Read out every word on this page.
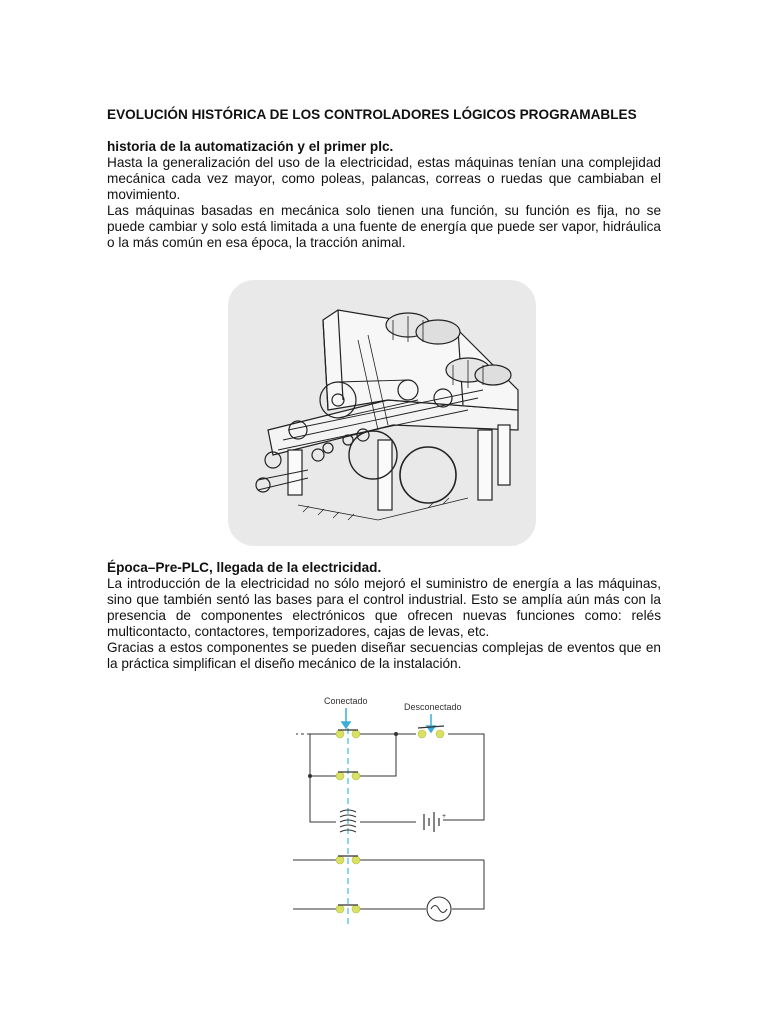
EVOLUCIÓN HISTÓRICA DE LOS CONTROLADORES LÓGICOS PROGRAMABLES

historia de la automatización y el primer plc.

Hasta la generalización del uso de la electricidad, estas máquinas tenían una complejidad mecánica cada vez mayor, como poleas, palancas, correas o ruedas que cambiaban el movimiento.

Las máquinas basadas en mecánica solo tienen una función, su función es fija, no se puede cambiar y solo está limitada a una fuente de energía que puede ser vapor, hidráulica o la más común en esa época, la tracción animal.

Época–Pre-PLC, llegada de la electricidad.

La introducción de la electricidad no sólo mejoró el suministro de energía a las máquinas, sino que también sentó las bases para el control industrial. Esto se amplía aún más con la presencia de componentes electrónicos que ofrecen nuevas funciones como: relés multicontacto, contactores, temporizadores, cajas de levas, etc.

Gracias a estos componentes se pueden diseñar secuencias complejas de eventos que en la práctica simplifican el diseño mecánico de la instalación.

Conectado
Desconectado
+
